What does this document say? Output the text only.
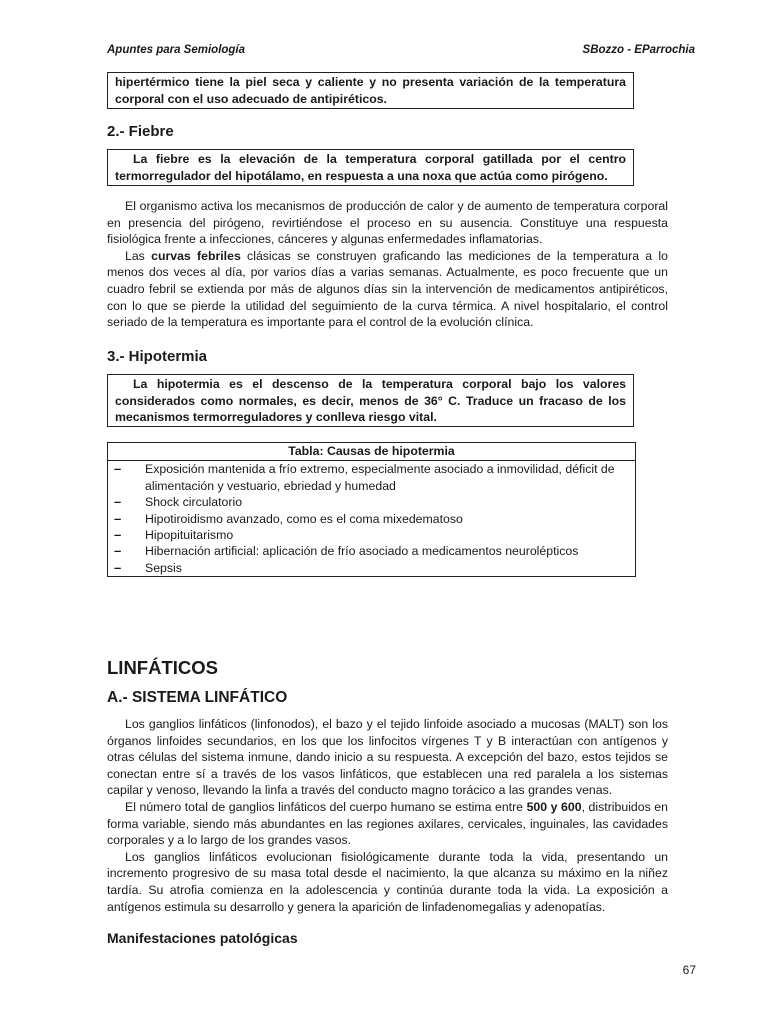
Apuntes para Semiología	SBozzo - EParrochia
hipertérmico tiene la piel seca y caliente y no presenta variación de la temperatura corporal con el uso adecuado de antipiréticos.
2.- Fiebre
La fiebre es la elevación de la temperatura corporal gatillada por el centro termorregulador del hipotálamo, en respuesta a una noxa que actúa como pirógeno.

El organismo activa los mecanismos de producción de calor y de aumento de temperatura corporal en presencia del pirógeno, revirtiéndose el proceso en su ausencia. Constituye una respuesta fisiológica frente a infecciones, cánceres y algunas enfermedades inflamatorias.

Las curvas febriles clásicas se construyen graficando las mediciones de la temperatura a lo menos dos veces al día, por varios días a varias semanas. Actualmente, es poco frecuente que un cuadro febril se extienda por más de algunos días sin la intervención de medicamentos antipiréticos, con lo que se pierde la utilidad del seguimiento de la curva térmica. A nivel hospitalario, el control seriado de la temperatura es importante para el control de la evolución clínica.

3.- Hipotermia
La hipotermia es el descenso de la temperatura corporal bajo los valores considerados como normales, es decir, menos de 36° C. Traduce un fracaso de los mecanismos termorreguladores y conlleva riesgo vital.
Tabla: Causas de hipotermia	
–	Exposición mantenida a frío extremo, especialmente asociado a inmovilidad, déficit de alimentación y vestuario, ebriedad y humedad
–	Shock circulatorio
–	Hipotiroidismo avanzado, como es el coma mixedematoso
–	Hipopituitarismo
–	Hibernación artificial: aplicación de frío asociado a medicamentos neurolépticos
–	Sepsis
LINFÁTICOS
A.- SISTEMA LINFÁTICO

Los ganglios linfáticos (linfonodos), el bazo y el tejido linfoide asociado a mucosas (MALT) son los órganos linfoides secundarios, en los que los linfocitos vírgenes T y B interactúan con antígenos y otras células del sistema inmune, dando inicio a su respuesta. A excepción del bazo, estos tejidos se conectan entre sí a través de los vasos linfáticos, que establecen una red paralela a los sistemas capilar y venoso, llevando la linfa a través del conducto magno torácico a las grandes venas.

El número total de ganglios linfáticos del cuerpo humano se estima entre 500 y 600, distribuidos en forma variable, siendo más abundantes en las regiones axilares, cervicales, inguinales, las cavidades corporales y a lo largo de los grandes vasos.

Los ganglios linfáticos evolucionan fisiológicamente durante toda la vida, presentando un incremento progresivo de su masa total desde el nacimiento, la que alcanza su máximo en la niñez tardía. Su atrofia comienza en la adolescencia y continúa durante toda la vida. La exposición a antígenos estimula su desarrollo y genera la aparición de linfadenomegalias y adenopatías.

Manifestaciones patológicas
67
